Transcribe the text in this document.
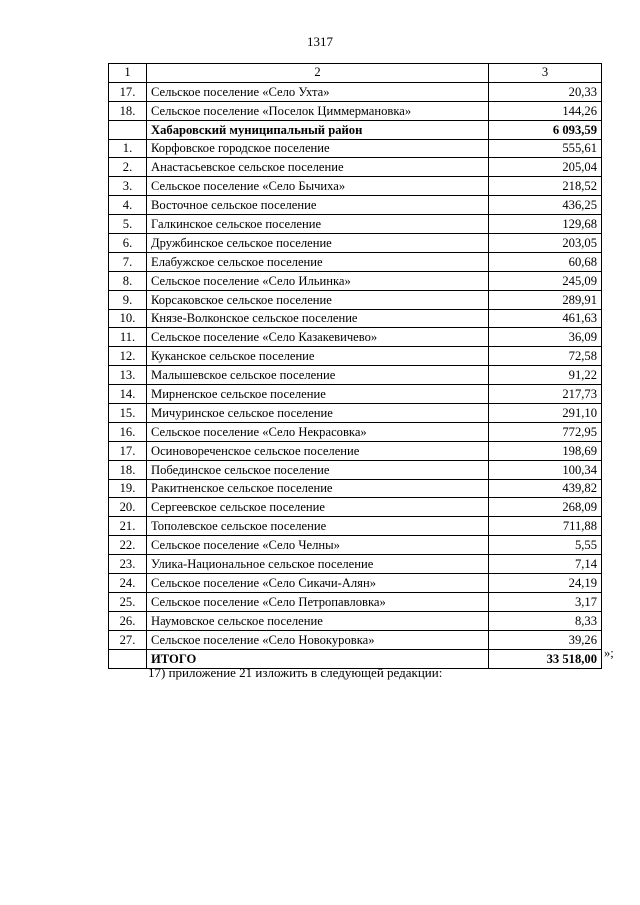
1317
1	2	3
17.	Сельское поселение «Село Ухта»	20,33
18.	Сельское поселение «Поселок Циммермановка»	144,26
	Хабаровский муниципальный район	6 093,59
1.	Корфовское городское поселение	555,61
2.	Анастасьевское сельское поселение	205,04
3.	Сельское поселение «Село Бычиха»	218,52
4.	Восточное сельское поселение	436,25
5.	Галкинское сельское поселение	129,68
6.	Дружбинское сельское поселение	203,05
7.	Елабужское сельское поселение	60,68
8.	Сельское поселение «Село Ильинка»	245,09
9.	Корсаковское сельское поселение	289,91
10.	Князе-Волконское сельское поселение	461,63
11.	Сельское поселение «Село Казакевичево»	36,09
12.	Куканское сельское поселение	72,58
13.	Малышевское сельское поселение	91,22
14.	Мирненское сельское поселение	217,73
15.	Мичуринское сельское поселение	291,10
16.	Сельское поселение «Село Некрасовка»	772,95
17.	Осиновореченское сельское поселение	198,69
18.	Побединское сельское поселение	100,34
19.	Ракитненское сельское поселение	439,82
20.	Сергеевское сельское поселение	268,09
21.	Тополевское сельское поселение	711,88
22.	Сельское поселение «Село Челны»	5,55
23.	Улика-Национальное сельское поселение	7,14
24.	Сельское поселение «Село Сикачи-Алян»	24,19
25.	Сельское поселение «Село Петропавловка»	3,17
26.	Наумовское сельское поселение	8,33
27.	Сельское поселение «Село Новокуровка»	39,26
	ИТОГО	33 518,00 »;
17) приложение 21 изложить в следующей редакции:
